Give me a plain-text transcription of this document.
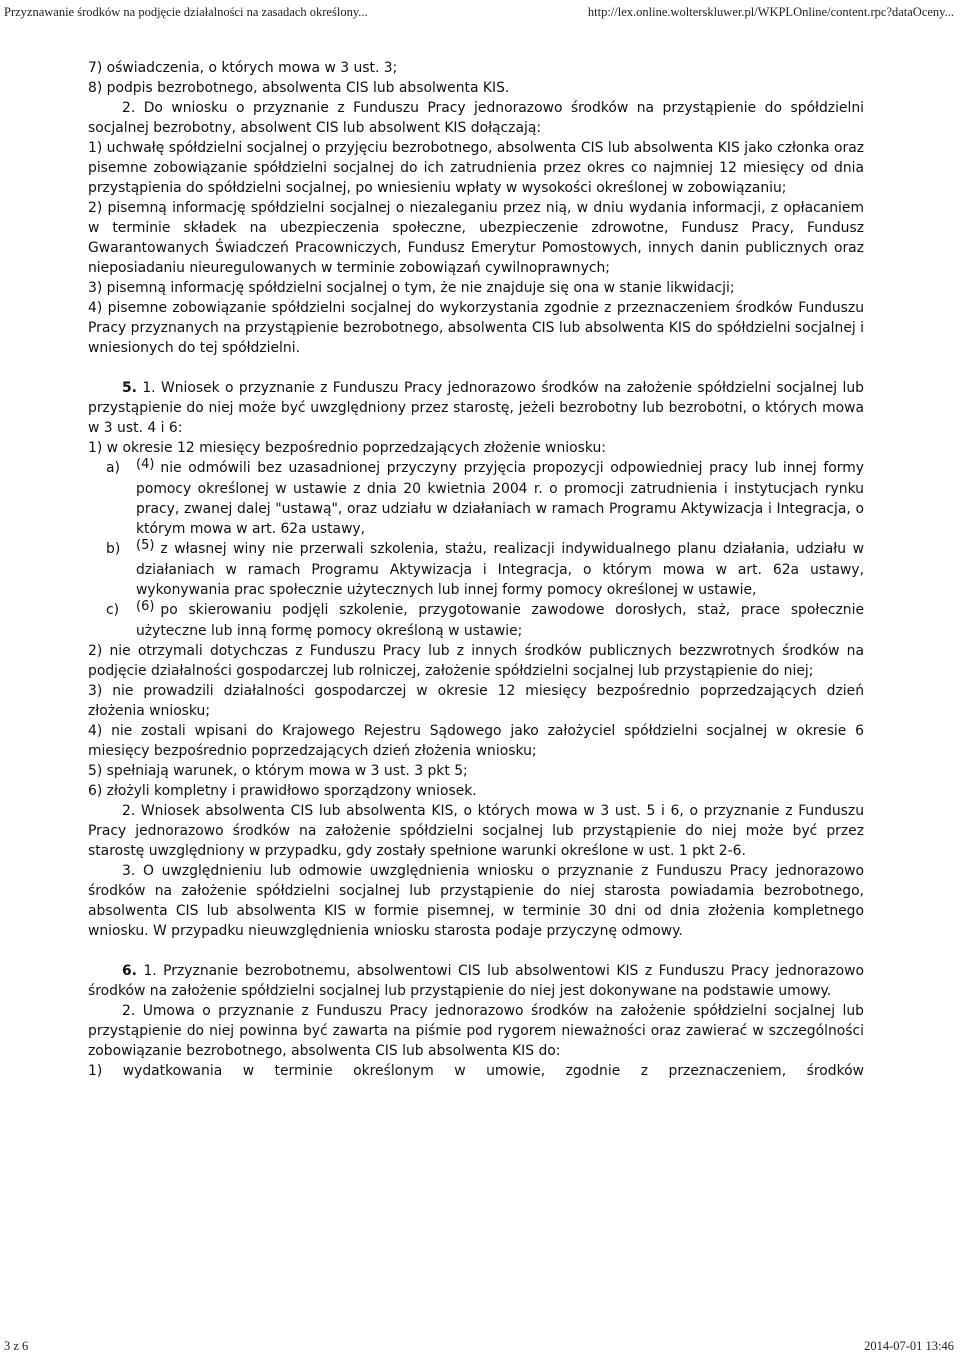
Przyznawanie środków na podjęcie działalności na zasadach określony...	http://lex.online.wolterskluwer.pl/WKPLOnline/content.rpc?dataOceny...

7) oświadczenia, o których mowa w 3 ust. 3;

8) podpis bezrobotnego, absolwenta CIS lub absolwenta KIS.

2. Do wniosku o przyznanie z Funduszu Pracy jednorazowo środków na przystąpienie do spółdzielni socjalnej bezrobotny, absolwent CIS lub absolwent KIS dołączają:

1) uchwałę spółdzielni socjalnej o przyjęciu bezrobotnego, absolwenta CIS lub absolwenta KIS jako członka oraz pisemne zobowiązanie spółdzielni socjalnej do ich zatrudnienia przez okres co najmniej 12 miesięcy od dnia przystąpienia do spółdzielni socjalnej, po wniesieniu wpłaty w wysokości określonej w zobowiązaniu;

2) pisemną informację spółdzielni socjalnej o niezaleganiu przez nią, w dniu wydania informacji, z opłacaniem w terminie składek na ubezpieczenia społeczne, ubezpieczenie zdrowotne, Fundusz Pracy, Fundusz Gwarantowanych Świadczeń Pracowniczych, Fundusz Emerytur Pomostowych, innych danin publicznych oraz nieposiadaniu nieuregulowanych w terminie zobowiązań cywilnoprawnych;

3) pisemną informację spółdzielni socjalnej o tym, że nie znajduje się ona w stanie likwidacji;

4) pisemne zobowiązanie spółdzielni socjalnej do wykorzystania zgodnie z przeznaczeniem środków Funduszu Pracy przyznanych na przystąpienie bezrobotnego, absolwenta CIS lub absolwenta KIS do spółdzielni socjalnej i wniesionych do tej spółdzielni.

5. 1. Wniosek o przyznanie z Funduszu Pracy jednorazowo środków na założenie spółdzielni socjalnej lub przystąpienie do niej może być uwzględniony przez starostę, jeżeli bezrobotny lub bezrobotni, o których mowa w 3 ust. 4 i 6:

1) w okresie 12 miesięcy bezpośrednio poprzedzających złożenie wniosku:

a) $^{(4)}$ nie odmówili bez uzasadnionej przyczyny przyjęcia propozycji odpowiedniej pracy lub innej formy pomocy określonej w ustawie z dnia 20 kwietnia 2004 r. o promocji zatrudnienia i instytucjach rynku pracy, zwanej dalej "ustawą", oraz udziału w działaniach w ramach Programu Aktywizacja i Integracja, o którym mowa w art. 62a ustawy,

b) $^{(5)}$ z własnej winy nie przerwali szkolenia, stażu, realizacji indywidualnego planu działania, udziału w działaniach w ramach Programu Aktywizacja i Integracja, o którym mowa w art. 62a ustawy, wykonywania prac społecznie użytecznych lub innej formy pomocy określonej w ustawie,

c) $^{(6)}$ po skierowaniu podjęli szkolenie, przygotowanie zawodowe dorosłych, staż, prace społecznie użyteczne lub inną formę pomocy określoną w ustawie;

2) nie otrzymali dotychczas z Funduszu Pracy lub z innych środków publicznych bezzwrotnych środków na podjęcie działalności gospodarczej lub rolniczej, założenie spółdzielni socjalnej lub przystąpienie do niej;

3) nie prowadzili działalności gospodarczej w okresie 12 miesięcy bezpośrednio poprzedzających dzień złożenia wniosku;

4) nie zostali wpisani do Krajowego Rejestru Sądowego jako założyciel spółdzielni socjalnej w okresie 6 miesięcy bezpośrednio poprzedzających dzień złożenia wniosku;

5) spełniają warunek, o którym mowa w 3 ust. 3 pkt 5;

6) złożyli kompletny i prawidłowo sporządzony wniosek.

2. Wniosek absolwenta CIS lub absolwenta KIS, o których mowa w 3 ust. 5 i 6, o przyznanie z Funduszu Pracy jednorazowo środków na założenie spółdzielni socjalnej lub przystąpienie do niej może być przez starostę uwzględniony w przypadku, gdy zostały spełnione warunki określone w ust. 1 pkt 2-6.

3. O uwzględnieniu lub odmowie uwzględnienia wniosku o przyznanie z Funduszu Pracy jednorazowo środków na założenie spółdzielni socjalnej lub przystąpienie do niej starosta powiadamia bezrobotnego, absolwenta CIS lub absolwenta KIS w formie pisemnej, w terminie 30 dni od dnia złożenia kompletnego wniosku. W przypadku nieuwzględnienia wniosku starosta podaje przyczynę odmowy.

6. 1. Przyznanie bezrobotnemu, absolwentowi CIS lub absolwentowi KIS z Funduszu Pracy jednorazowo środków na założenie spółdzielni socjalnej lub przystąpienie do niej jest dokonywane na podstawie umowy.

2. Umowa o przyznanie z Funduszu Pracy jednorazowo środków na założenie spółdzielni socjalnej lub przystąpienie do niej powinna być zawarta na piśmie pod rygorem nieważności oraz zawierać w szczególności zobowiązanie bezrobotnego, absolwenta CIS lub absolwenta KIS do:

1) wydatkowania w terminie określonym w umowie, zgodnie z przeznaczeniem, środków

3 z 6	2014-07-01 13:46
